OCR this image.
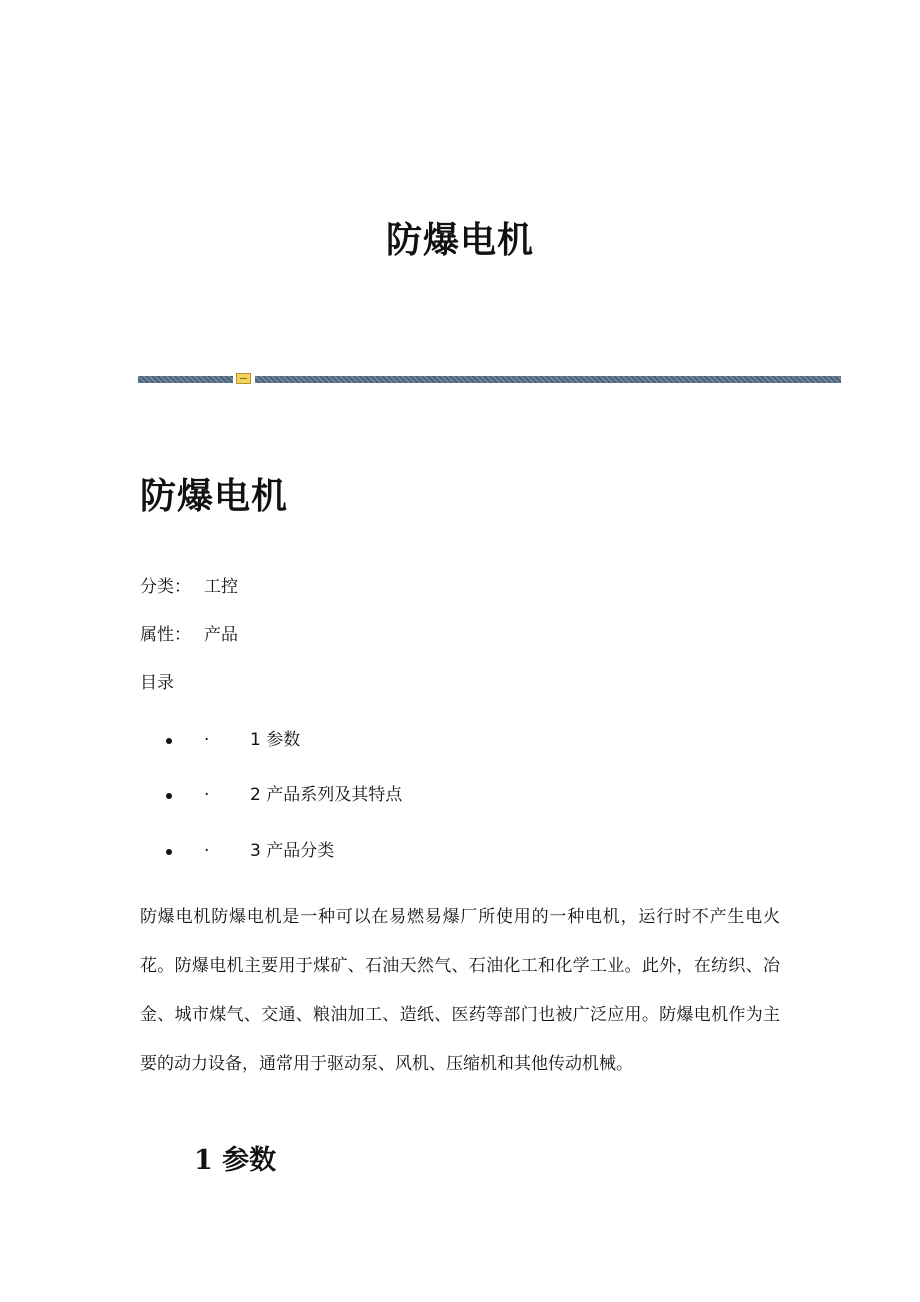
防爆电机
防爆电机
分类： 工控
属性： 产品
目录
· 1 参数
· 2 产品系列及其特点
· 3 产品分类
防爆电机防爆电机是一种可以在易燃易爆厂所使用的一种电机，运行时不产生电火花。防爆电机主要用于煤矿、石油天然气、石油化工和化学工业。此外，在纺织、冶金、城市煤气、交通、粮油加工、造纸、医药等部门也被广泛应用。防爆电机作为主要的动力设备，通常用于驱动泵、风机、压缩机和其他传动机械。
1 参数
